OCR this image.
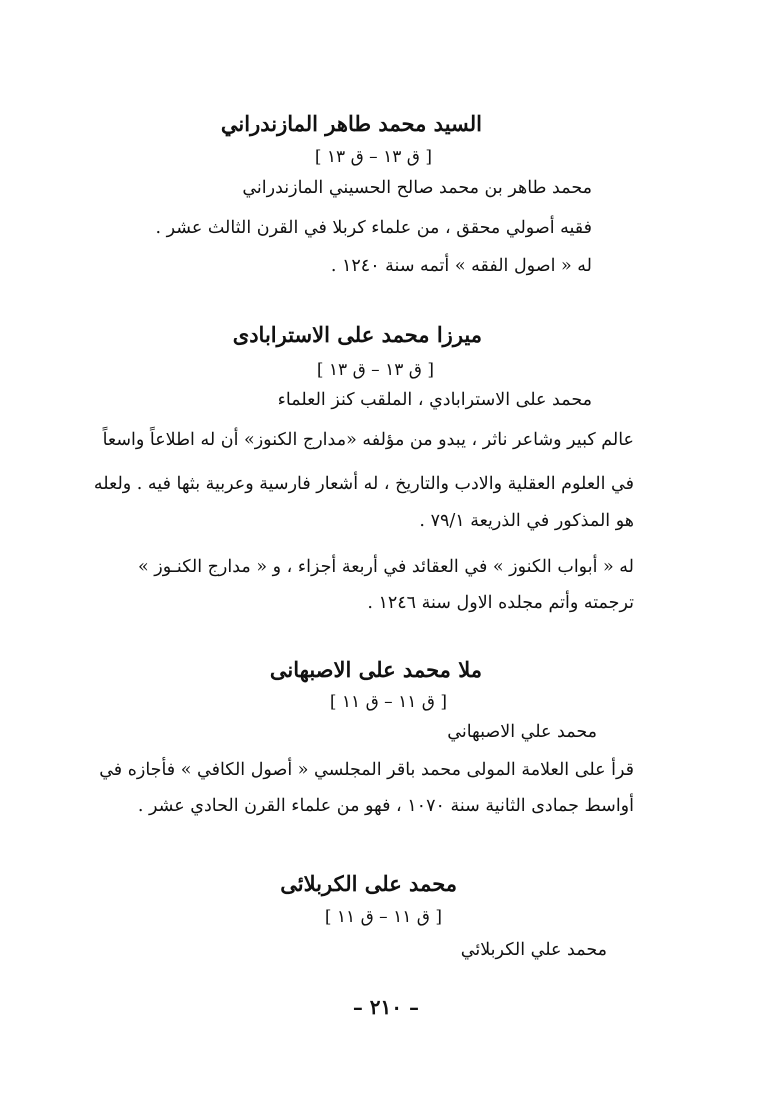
السيد محمد طاهر المازندراني
[ ق ١٣ – ق ١٣ ]
محمد طاهر بن محمد صالح الحسيني المازندراني
فقيه أصولي محقق ، من علماء كربلا في القرن الثالث عشر .
له « اصول الفقه » أتمه سنة ١٢٤٠ .
ميرزا محمد على الاسترابادى
[ ق ١٣ – ق ١٣ ]
محمد على الاسترابادي ، الملقب كنز العلماء
عالم كبير وشاعر ناثر ، يبدو من مؤلفه «مدارج الكنوز» أن له اطلاعاً واسعاً
في العلوم العقلية والادب والتاريخ ، له أشعار فارسية وعربية بثها فيه . ولعله
هو المذكور في الذريعة ٧٩/١ .
له « أبواب الكنوز » في العقائد في أربعة أجزاء ، و « مدارج الكنـوز »
ترجمته وأتم مجلده الاول سنة ١٢٤٦ .
ملا محمد على الاصبهانى
[ ق ١١ – ق ١١ ]
محمد علي الاصبهاني
قرأ على العلامة المولى محمد باقر المجلسي « أصول الكافي » فأجازه في
أواسط جمادى الثانية سنة ١٠٧٠ ، فهو من علماء القرن الحادي عشر .
محمد على الكربلائى
[ ق ١١ – ق ١١ ]
محمد علي الكربلائي
– ٢١٠ –
